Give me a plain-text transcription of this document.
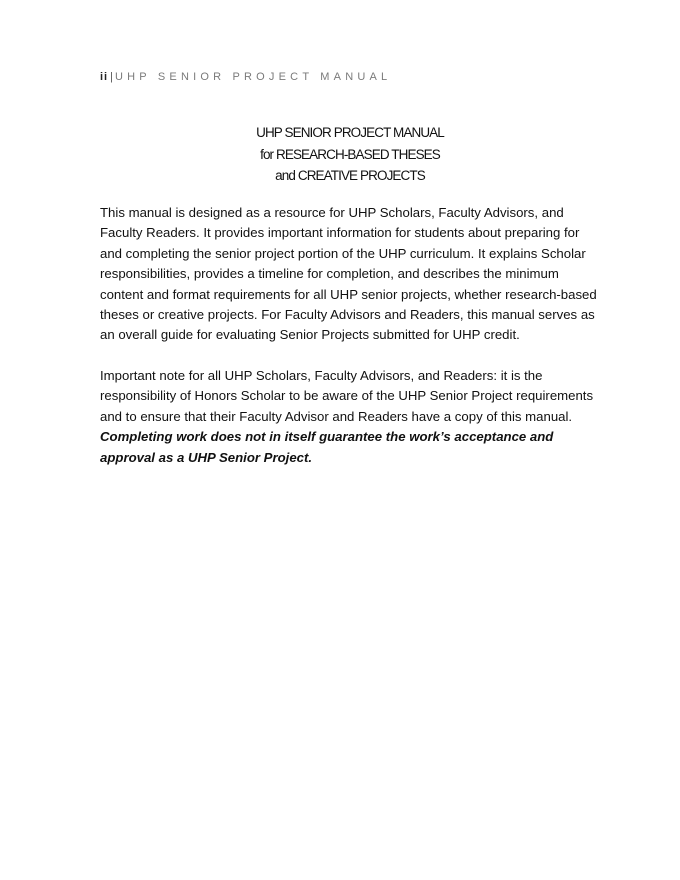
ii | UHP SENIOR PROJECT MANUAL
UHP SENIOR PROJECT MANUAL
for RESEARCH-BASED THESES
and CREATIVE PROJECTS

This manual is designed as a resource for UHP Scholars, Faculty Advisors, and Faculty Readers. It provides important information for students about preparing for and completing the senior project portion of the UHP curriculum. It explains Scholar responsibilities, provides a timeline for completion, and describes the minimum content and format requirements for all UHP senior projects, whether research-based theses or creative projects. For Faculty Advisors and Readers, this manual serves as an overall guide for evaluating Senior Projects submitted for UHP credit.

Important note for all UHP Scholars, Faculty Advisors, and Readers: it is the responsibility of Honors Scholar to be aware of the UHP Senior Project requirements and to ensure that their Faculty Advisor and Readers have a copy of this manual. Completing work does not in itself guarantee the work’s acceptance and approval as a UHP Senior Project.
